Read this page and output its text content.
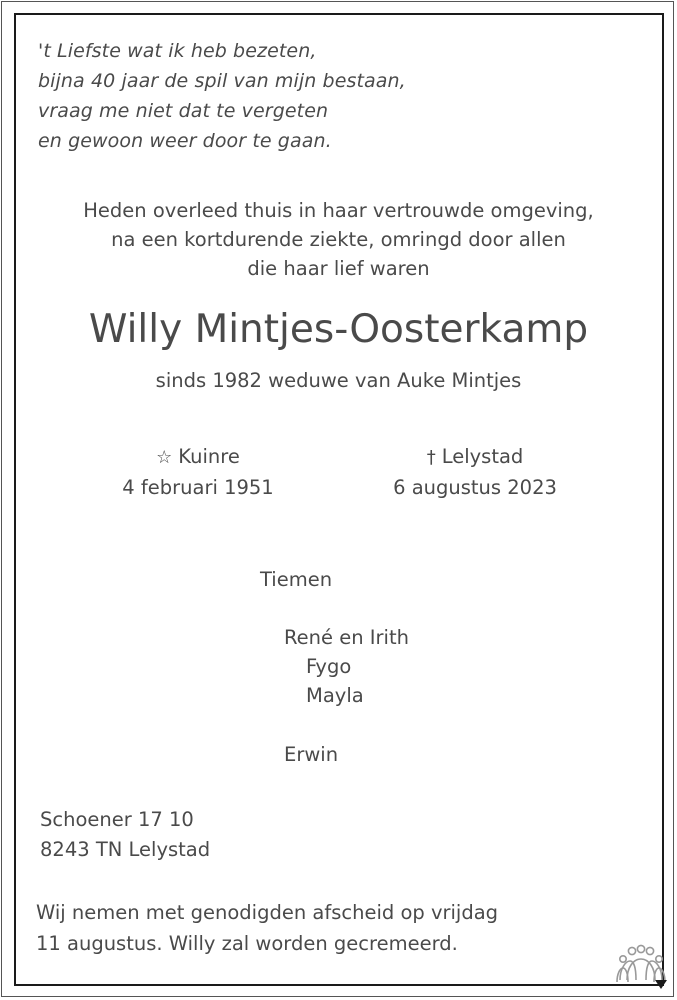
't Liefste wat ik heb bezeten,
bijna 40 jaar de spil van mijn bestaan,
vraag me niet dat te vergeten
en gewoon weer door te gaan.
Heden overleed thuis in haar vertrouwde omgeving,
na een kortdurende ziekte, omringd door allen
die haar lief waren
Willy Mintjes-Oosterkamp
sinds 1982 weduwe van Auke Mintjes
☆ Kuinre
4 februari 1951
† Lelystad
6 augustus 2023
Tiemen
René en Irith
Fygo
Mayla
Erwin
Schoener 17 10
8243 TN Lelystad
Wij nemen met genodigden afscheid op vrijdag
11 augustus. Willy zal worden gecremeerd.
